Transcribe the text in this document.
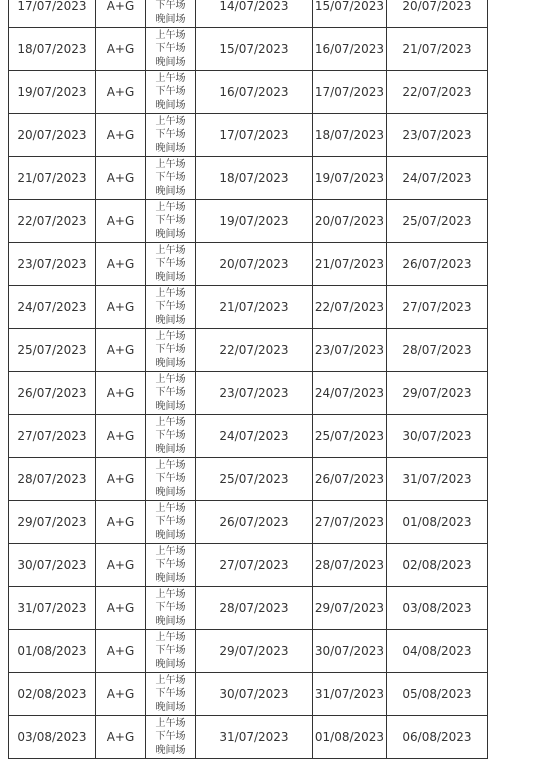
17/07/2023	A+G	下午场
晚间场	14/07/2023	15/07/2023	20/07/2023
18/07/2023	A+G	上午场
下午场
晚间场	15/07/2023	16/07/2023	21/07/2023
19/07/2023	A+G	上午场
下午场
晚间场	16/07/2023	17/07/2023	22/07/2023
20/07/2023	A+G	上午场
下午场
晚间场	17/07/2023	18/07/2023	23/07/2023
21/07/2023	A+G	上午场
下午场
晚间场	18/07/2023	19/07/2023	24/07/2023
22/07/2023	A+G	上午场
下午场
晚间场	19/07/2023	20/07/2023	25/07/2023
23/07/2023	A+G	上午场
下午场
晚间场	20/07/2023	21/07/2023	26/07/2023
24/07/2023	A+G	上午场
下午场
晚间场	21/07/2023	22/07/2023	27/07/2023
25/07/2023	A+G	上午场
下午场
晚间场	22/07/2023	23/07/2023	28/07/2023
26/07/2023	A+G	上午场
下午场
晚间场	23/07/2023	24/07/2023	29/07/2023
27/07/2023	A+G	上午场
下午场
晚间场	24/07/2023	25/07/2023	30/07/2023
28/07/2023	A+G	上午场
下午场
晚间场	25/07/2023	26/07/2023	31/07/2023
29/07/2023	A+G	上午场
下午场
晚间场	26/07/2023	27/07/2023	01/08/2023
30/07/2023	A+G	上午场
下午场
晚间场	27/07/2023	28/07/2023	02/08/2023
31/07/2023	A+G	上午场
下午场
晚间场	28/07/2023	29/07/2023	03/08/2023
01/08/2023	A+G	上午场
下午场
晚间场	29/07/2023	30/07/2023	04/08/2023
02/08/2023	A+G	上午场
下午场
晚间场	30/07/2023	31/07/2023	05/08/2023
03/08/2023	A+G	上午场
下午场
晚间场	31/07/2023	01/08/2023	06/08/2023
